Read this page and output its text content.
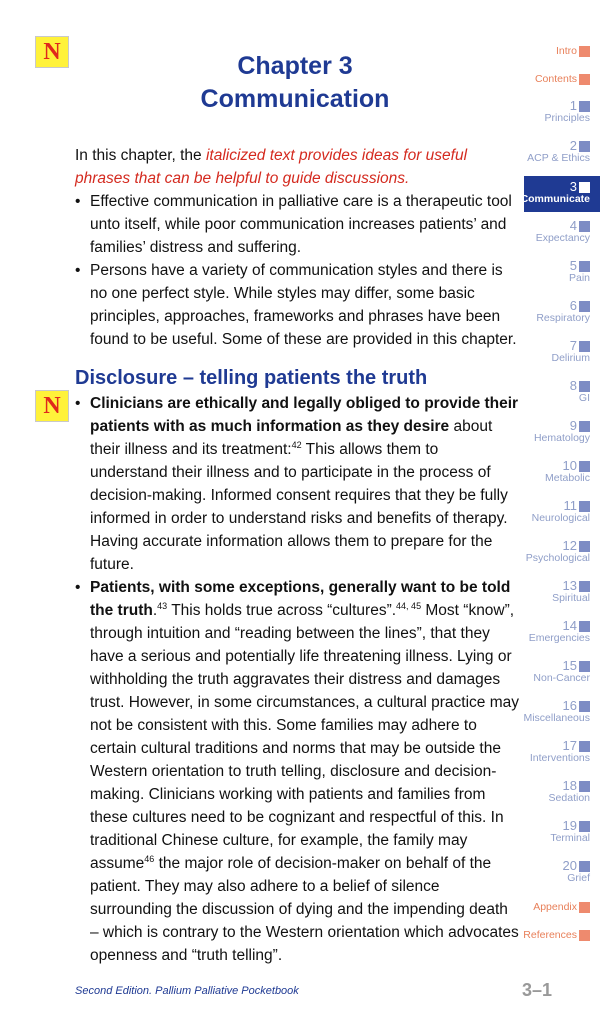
N
N
Chapter 3
Communication

In this chapter, the italicized text provides ideas for useful phrases that can be helpful to guide discussions.

• Effective communication in palliative care is a therapeutic tool unto itself, while poor communication increases patients’ and families’ distress and suffering.
• Persons have a variety of communication styles and there is no one perfect style. While styles may differ, some basic principles, approaches, frameworks and phrases have been found to be useful. Some of these are provided in this chapter.
Disclosure – telling patients the truth
• Clinicians are ethically and legally obliged to provide their patients with as much information as they desire about their illness and its treatment:$^{42}$ This allows them to understand their illness and to participate in the process of decision-making. Informed consent requires that they be fully informed in order to understand risks and benefits of therapy. Having accurate information allows them to prepare for the future.
• Patients, with some exceptions, generally want to be told the truth.$^{43}$ This holds true across “cultures”.$^{44, 45}$ Most “know”, through intuition and “reading between the lines”, that they have a serious and potentially life threatening illness. Lying or withholding the truth aggravates their distress and damages trust. However, in some circumstances, a cultural practice may not be consistent with this. Some families may adhere to certain cultural traditions and norms that may be outside the Western orientation to truth telling, disclosure and decision-making. Clinicians working with patients and families from these cultures need to be cognizant and respectful of this. In traditional Chinese culture, for example, the family may assume$^{46}$ the major role of decision-maker on behalf of the patient. They may also adhere to a belief of silence surrounding the discussion of dying and the impending death – which is contrary to the Western orientation which advocates openness and “truth telling”.
Intro
Contents
1
Principles
2
ACP & Ethics
3
Communicate
4
Expectancy
5
Pain
6
Respiratory
7
Delirium
8
GI
9
Hematology
10
Metabolic
11
Neurological
12
Psychological
13
Spiritual
14
Emergencies
15
Non-Cancer
16
Miscellaneous
17
Interventions
18
Sedation
19
Terminal
20
Grief
Appendix
References
Second Edition. Pallium Palliative Pocketbook	3–1
